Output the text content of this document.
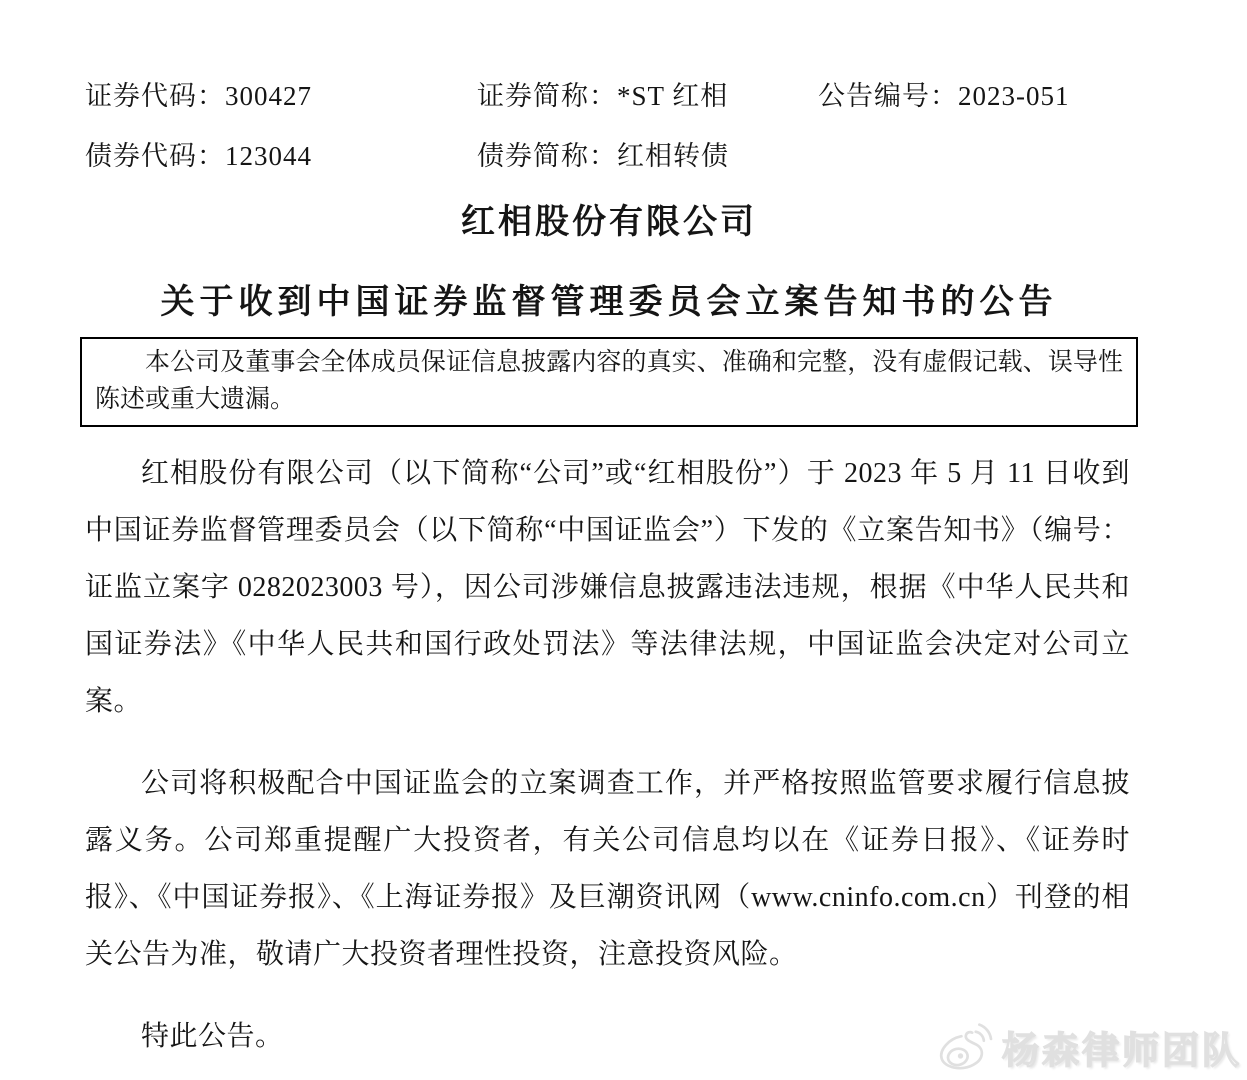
证券代码：300427	证券简称：*ST 红相	公告编号：2023-051
债券代码：123044	债券简称：红相转债
红相股份有限公司
关于收到中国证券监督管理委员会立案告知书的公告

本公司及董事会全体成员保证信息披露内容的真实、准确和完整，没有虚假记载、误导性陈述或重大遗漏。

红相股份有限公司（以下简称“公司”或“红相股份”）于 2023 年 5 月 11 日收到中国证券监督管理委员会（以下简称“中国证监会”）下发的《立案告知书》（编号：证监立案字 0282023003 号），因公司涉嫌信息披露违法违规，根据《中华人民共和国证券法》《中华人民共和国行政处罚法》等法律法规，中国证监会决定对公司立案。

公司将积极配合中国证监会的立案调查工作，并严格按照监管要求履行信息披露义务。公司郑重提醒广大投资者，有关公司信息均以在《证券日报》、《证券时报》、《中国证券报》、《上海证券报》及巨潮资讯网（www.cninfo.com.cn）刊登的相关公告为准，敬请广大投资者理性投资，注意投资风险。

特此公告。	杨森律师团队
